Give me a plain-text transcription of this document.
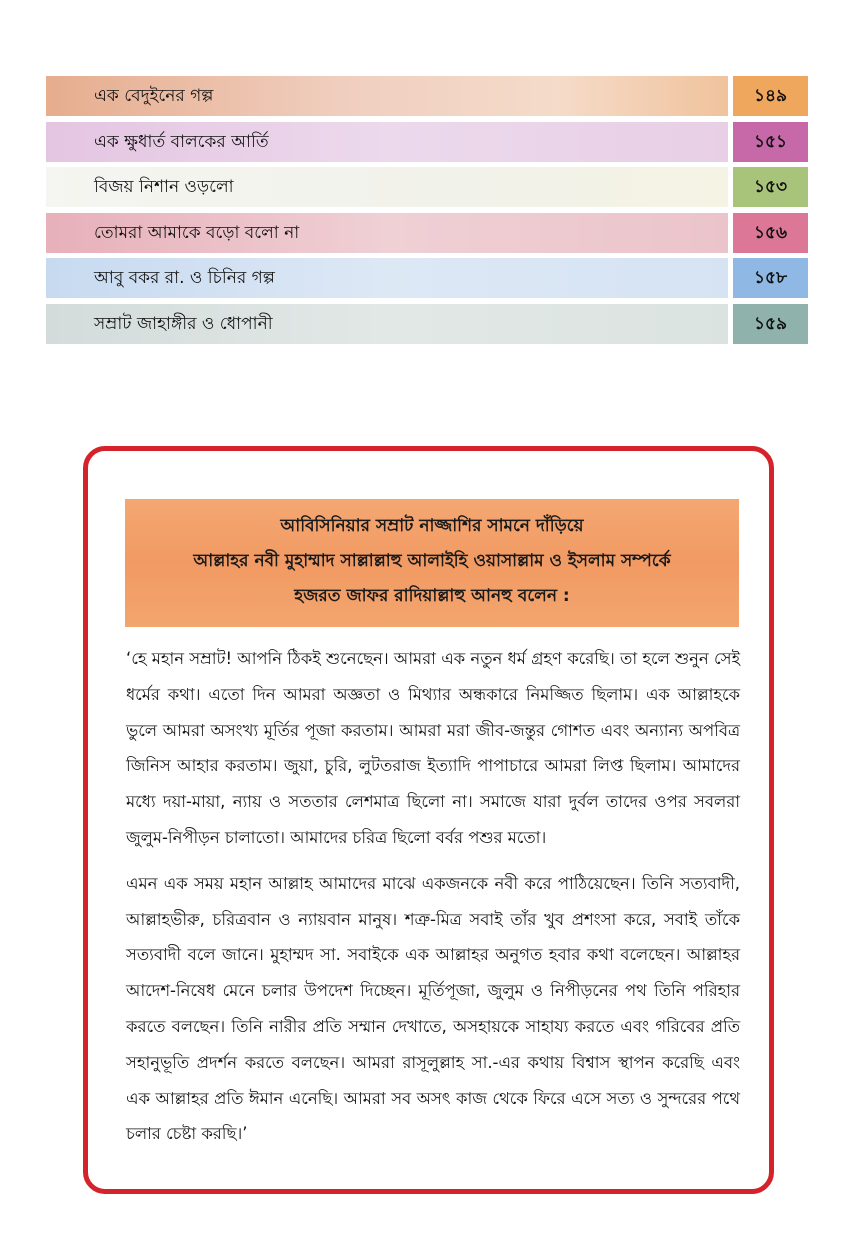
এক বেদুইনের গল্প	১৪৯
এক ক্ষুধার্ত বালকের আর্তি	১৫১
বিজয় নিশান ওড়লো	১৫৩
তোমরা আমাকে বড়ো বলো না	১৫৬
আবু বকর রা. ও চিনির গল্প	১৫৮
সম্রাট জাহাঙ্গীর ও ধোপানী	১৫৯
আবিসিনিয়ার সম্রাট নাজ্জাশির সামনে দাঁড়িয়ে
আল্লাহর নবী মুহাম্মাদ সাল্লাল্লাহু আলাইহি ওয়াসাল্লাম ও ইসলাম সম্পর্কে
হজরত জাফর রাদিয়াল্লাহু আনহু বলেন :

‘হে মহান সম্রাট! আপনি ঠিকই শুনেছেন। আমরা এক নতুন ধর্ম গ্রহণ করেছি। তা হলে শুনুন সেই ধর্মের কথা। এতো দিন আমরা অজ্ঞতা ও মিথ্যার অন্ধকারে নিমজ্জিত ছিলাম। এক আল্লাহকে ভুলে আমরা অসংখ্য মূর্তির পূজা করতাম। আমরা মরা জীব-জন্তুর গোশত এবং অন্যান্য অপবিত্র জিনিস আহার করতাম। জুয়া, চুরি, লুটতরাজ ইত্যাদি পাপাচারে আমরা লিপ্ত ছিলাম। আমাদের মধ্যে দয়া-মায়া, ন্যায় ও সততার লেশমাত্র ছিলো না। সমাজে যারা দুর্বল তাদের ওপর সবলরা জুলুম-নিপীড়ন চালাতো। আমাদের চরিত্র ছিলো বর্বর পশুর মতো।

এমন এক সময় মহান আল্লাহ আমাদের মাঝে একজনকে নবী করে পাঠিয়েছেন। তিনি সত্যবাদী, আল্লাহভীরু, চরিত্রবান ও ন্যায়বান মানুষ। শত্রু-মিত্র সবাই তাঁর খুব প্রশংসা করে, সবাই তাঁকে সত্যবাদী বলে জানে। মুহাম্মদ সা. সবাইকে এক আল্লাহর অনুগত হবার কথা বলেছেন। আল্লাহর আদেশ-নিষেধ মেনে চলার উপদেশ দিচ্ছেন। মূর্তিপূজা, জুলুম ও নিপীড়নের পথ তিনি পরিহার করতে বলছেন। তিনি নারীর প্রতি সম্মান দেখাতে, অসহায়কে সাহায্য করতে এবং গরিবের প্রতি সহানুভূতি প্রদর্শন করতে বলছেন। আমরা রাসূলুল্লাহ সা.-এর কথায় বিশ্বাস স্থাপন করেছি এবং এক আল্লাহর প্রতি ঈমান এনেছি। আমরা সব অসৎ কাজ থেকে ফিরে এসে সত্য ও সুন্দরের পথে চলার চেষ্টা করছি।’
